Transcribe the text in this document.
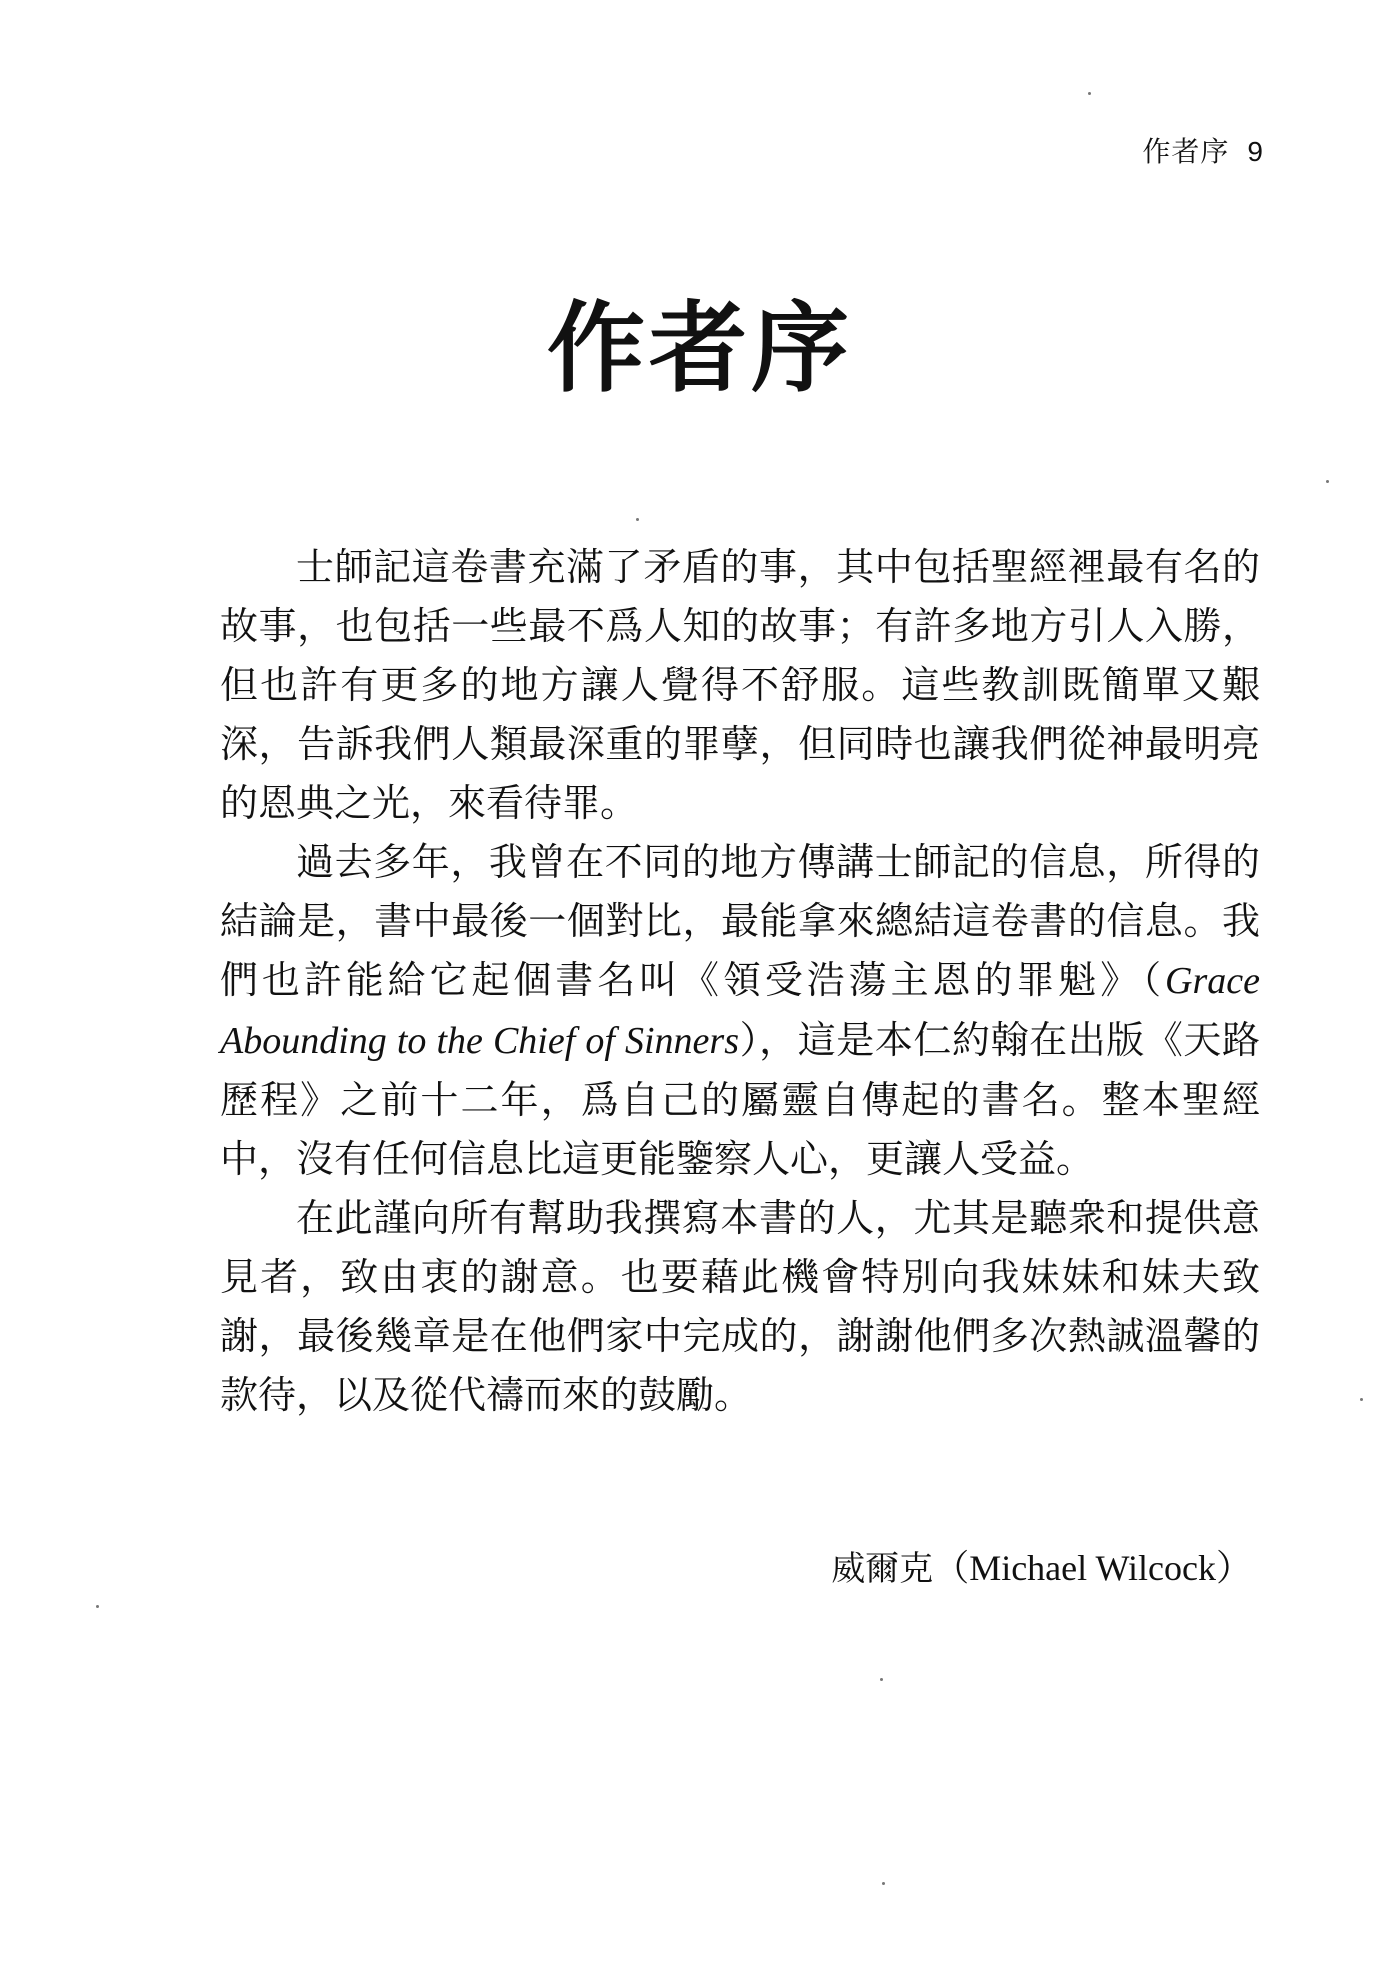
作者序 9
作者序

士師記這卷書充滿了矛盾的事，其中包括聖經裡最有名的故事，也包括一些最不爲人知的故事；有許多地方引人入勝，但也許有更多的地方讓人覺得不舒服。這些教訓既簡單又艱深，告訴我們人類最深重的罪孽，但同時也讓我們從神最明亮的恩典之光，來看待罪。

過去多年，我曾在不同的地方傳講士師記的信息，所得的結論是，書中最後一個對比，最能拿來總結這卷書的信息。我們也許能給它起個書名叫《領受浩蕩主恩的罪魁》（Grace Abounding to the Chief of Sinners），這是本仁約翰在出版《天路歷程》之前十二年，爲自己的屬靈自傳起的書名。整本聖經中，沒有任何信息比這更能鑒察人心，更讓人受益。

在此謹向所有幫助我撰寫本書的人，尤其是聽衆和提供意見者，致由衷的謝意。也要藉此機會特別向我妹妹和妹夫致謝，最後幾章是在他們家中完成的，謝謝他們多次熱誠溫馨的款待，以及從代禱而來的鼓勵。

威爾克（Michael Wilcock）
